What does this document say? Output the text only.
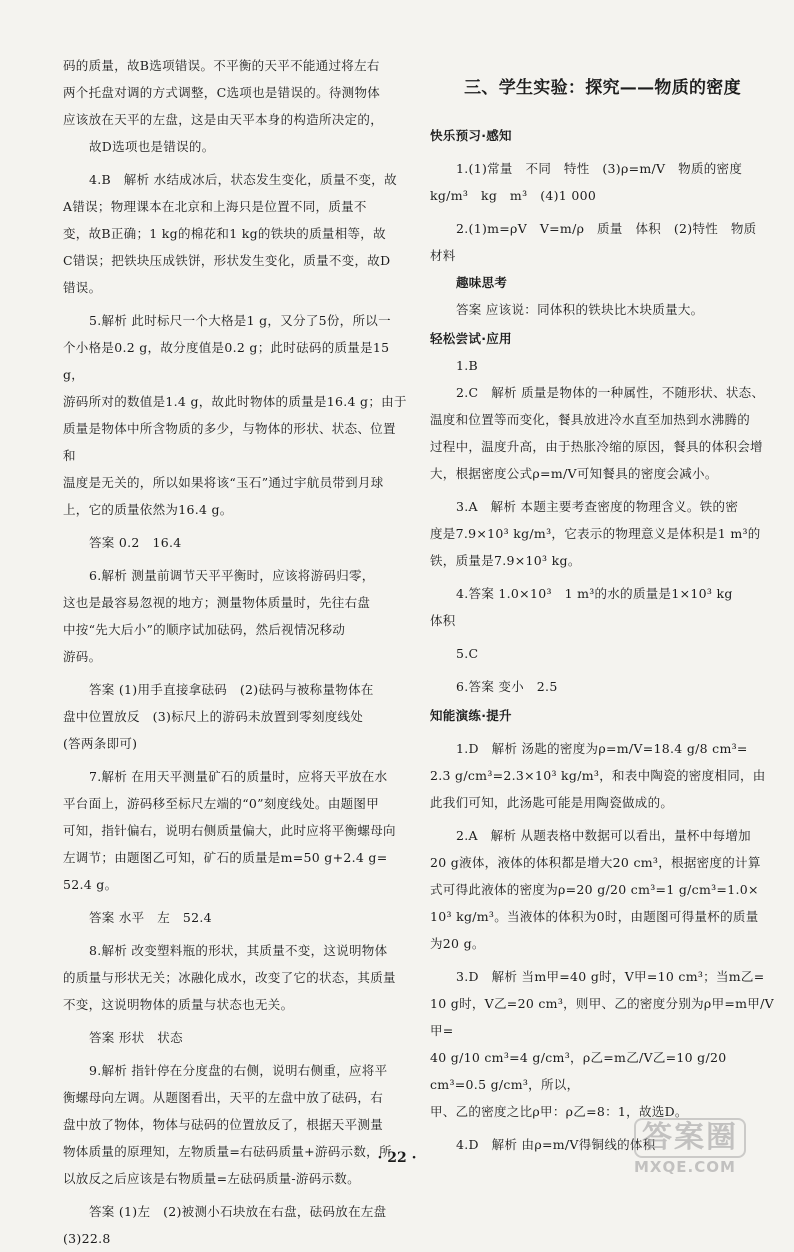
码的质量，故B选项错误。不平衡的天平不能通过将左右

两个托盘对调的方式调整，C选项也是错误的。待测物体

应该放在天平的左盘，这是由天平本身的构造所决定的，

故D选项也是错误的。

4.B　解析 水结成冰后，状态发生变化，质量不变，故

A错误；物理课本在北京和上海只是位置不同，质量不

变，故B正确；1 kg的棉花和1 kg的铁块的质量相等，故

C错误；把铁块压成铁饼，形状发生变化，质量不变，故D

错误。

5.解析 此时标尺一个大格是1 g，又分了5份，所以一

个小格是0.2 g，故分度值是0.2 g；此时砝码的质量是15 g，

游码所对的数值是1.4 g，故此时物体的质量是16.4 g；由于

质量是物体中所含物质的多少，与物体的形状、状态、位置和

温度是无关的，所以如果将该“玉石”通过宇航员带到月球

上，它的质量依然为16.4 g。

答案 0.2　16.4

6.解析 测量前调节天平平衡时，应该将游码归零，

这也是最容易忽视的地方；测量物体质量时，先往右盘

中按“先大后小”的顺序试加砝码，然后视情况移动

游码。

答案 (1)用手直接拿砝码　(2)砝码与被称量物体在

盘中位置放反　(3)标尺上的游码未放置到零刻度线处

(答两条即可)

7.解析 在用天平测量矿石的质量时，应将天平放在水

平台面上，游码移至标尺左端的“0”刻度线处。由题图甲

可知，指针偏右，说明右侧质量偏大，此时应将平衡螺母向

左调节；由题图乙可知，矿石的质量是m=50 g+2.4 g=

52.4 g。

答案 水平　左　52.4

8.解析 改变塑料瓶的形状，其质量不变，这说明物体

的质量与形状无关；冰融化成水，改变了它的状态，其质量

不变，这说明物体的质量与状态也无关。

答案 形状　状态

9.解析 指针停在分度盘的右侧，说明右侧重，应将平

衡螺母向左调。从题图看出，天平的左盘中放了砝码，右

盘中放了物体，物体与砝码的位置放反了，根据天平测量

物体质量的原理知，左物质量=右砝码质量+游码示数，所

以放反之后应该是右物质量=左砝码质量-游码示数。

答案 (1)左　(2)被测小石块放在右盘，砝码放在左盘

(3)22.8

三、学生实验：探究——物质的密度

快乐预习·感知

1.(1)常量　不同　特性　(3)ρ=m/V　物质的密度

kg/m³　kg　m³　(4)1 000

2.(1)m=ρV　V=m/ρ　质量　体积　(2)特性　物质

材料

趣味思考

答案 应该说：同体积的铁块比木块质量大。

轻松尝试·应用

1.B

2.C　解析 质量是物体的一种属性，不随形状、状态、

温度和位置等而变化，餐具放进冷水直至加热到水沸腾的

过程中，温度升高，由于热胀冷缩的原因，餐具的体积会增

大，根据密度公式ρ=m/V可知餐具的密度会减小。

3.A　解析 本题主要考查密度的物理含义。铁的密

度是7.9×10³ kg/m³，它表示的物理意义是体积是1 m³的

铁，质量是7.9×10³ kg。

4.答案 1.0×10³　1 m³的水的质量是1×10³ kg

体积

5.C

6.答案 变小　2.5

知能演练·提升

1.D　解析 汤匙的密度为ρ=m/V=18.4 g/8 cm³=

2.3 g/cm³=2.3×10³ kg/m³，和表中陶瓷的密度相同，由

此我们可知，此汤匙可能是用陶瓷做成的。

2.A　解析 从题表格中数据可以看出，量杯中每增加

20 g液体，液体的体积都是增大20 cm³，根据密度的计算

式可得此液体的密度为ρ=20 g/20 cm³=1 g/cm³=1.0×

10³ kg/m³。当液体的体积为0时，由题图可得量杯的质量

为20 g。

3.D　解析 当m甲=40 g时，V甲=10 cm³；当m乙=

10 g时，V乙=20 cm³，则甲、乙的密度分别为ρ甲=m甲/V甲=

40 g/10 cm³=4 g/cm³，ρ乙=m乙/V乙=10 g/20 cm³=0.5 g/cm³，所以，

甲、乙的密度之比ρ甲：ρ乙=8：1，故选D。

4.D　解析 由ρ=m/V得铜线的体积

· 22 ·
答案圈
MXQE.COM
